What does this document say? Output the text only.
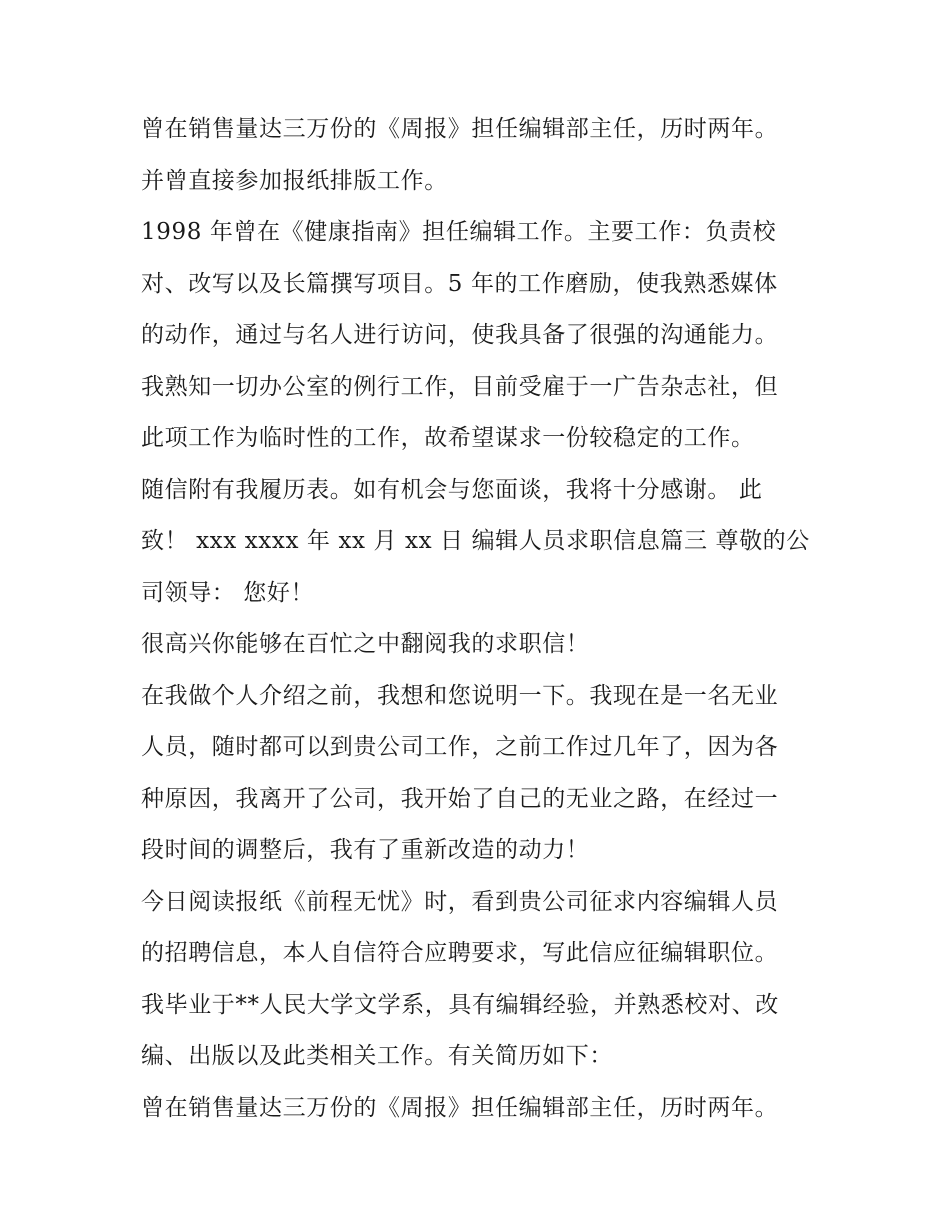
曾在销售量达三万份的《周报》担任编辑部主任，历时两年。
并曾直接参加报纸排版工作。
1998 年曾在《健康指南》担任编辑工作。主要工作：负责校
对、改写以及长篇撰写项目。5 年的工作磨励，使我熟悉媒体
的动作，通过与名人进行访问，使我具备了很强的沟通能力。
我熟知一切办公室的例行工作，目前受雇于一广告杂志社，但
此项工作为临时性的工作，故希望谋求一份较稳定的工作。
随信附有我履历表。如有机会与您面谈，我将十分感谢。 此
致！ xxx xxxx 年 xx 月 xx 日 编辑人员求职信息篇三 尊敬的公
司领导： 您好！
很高兴你能够在百忙之中翻阅我的求职信！
在我做个人介绍之前，我想和您说明一下。我现在是一名无业
人员，随时都可以到贵公司工作，之前工作过几年了，因为各
种原因，我离开了公司，我开始了自己的无业之路，在经过一
段时间的调整后，我有了重新改造的动力！
今日阅读报纸《前程无忧》时，看到贵公司征求内容编辑人员
的招聘信息，本人自信符合应聘要求，写此信应征编辑职位。
我毕业于**人民大学文学系，具有编辑经验，并熟悉校对、改
编、出版以及此类相关工作。有关简历如下：
曾在销售量达三万份的《周报》担任编辑部主任，历时两年。
